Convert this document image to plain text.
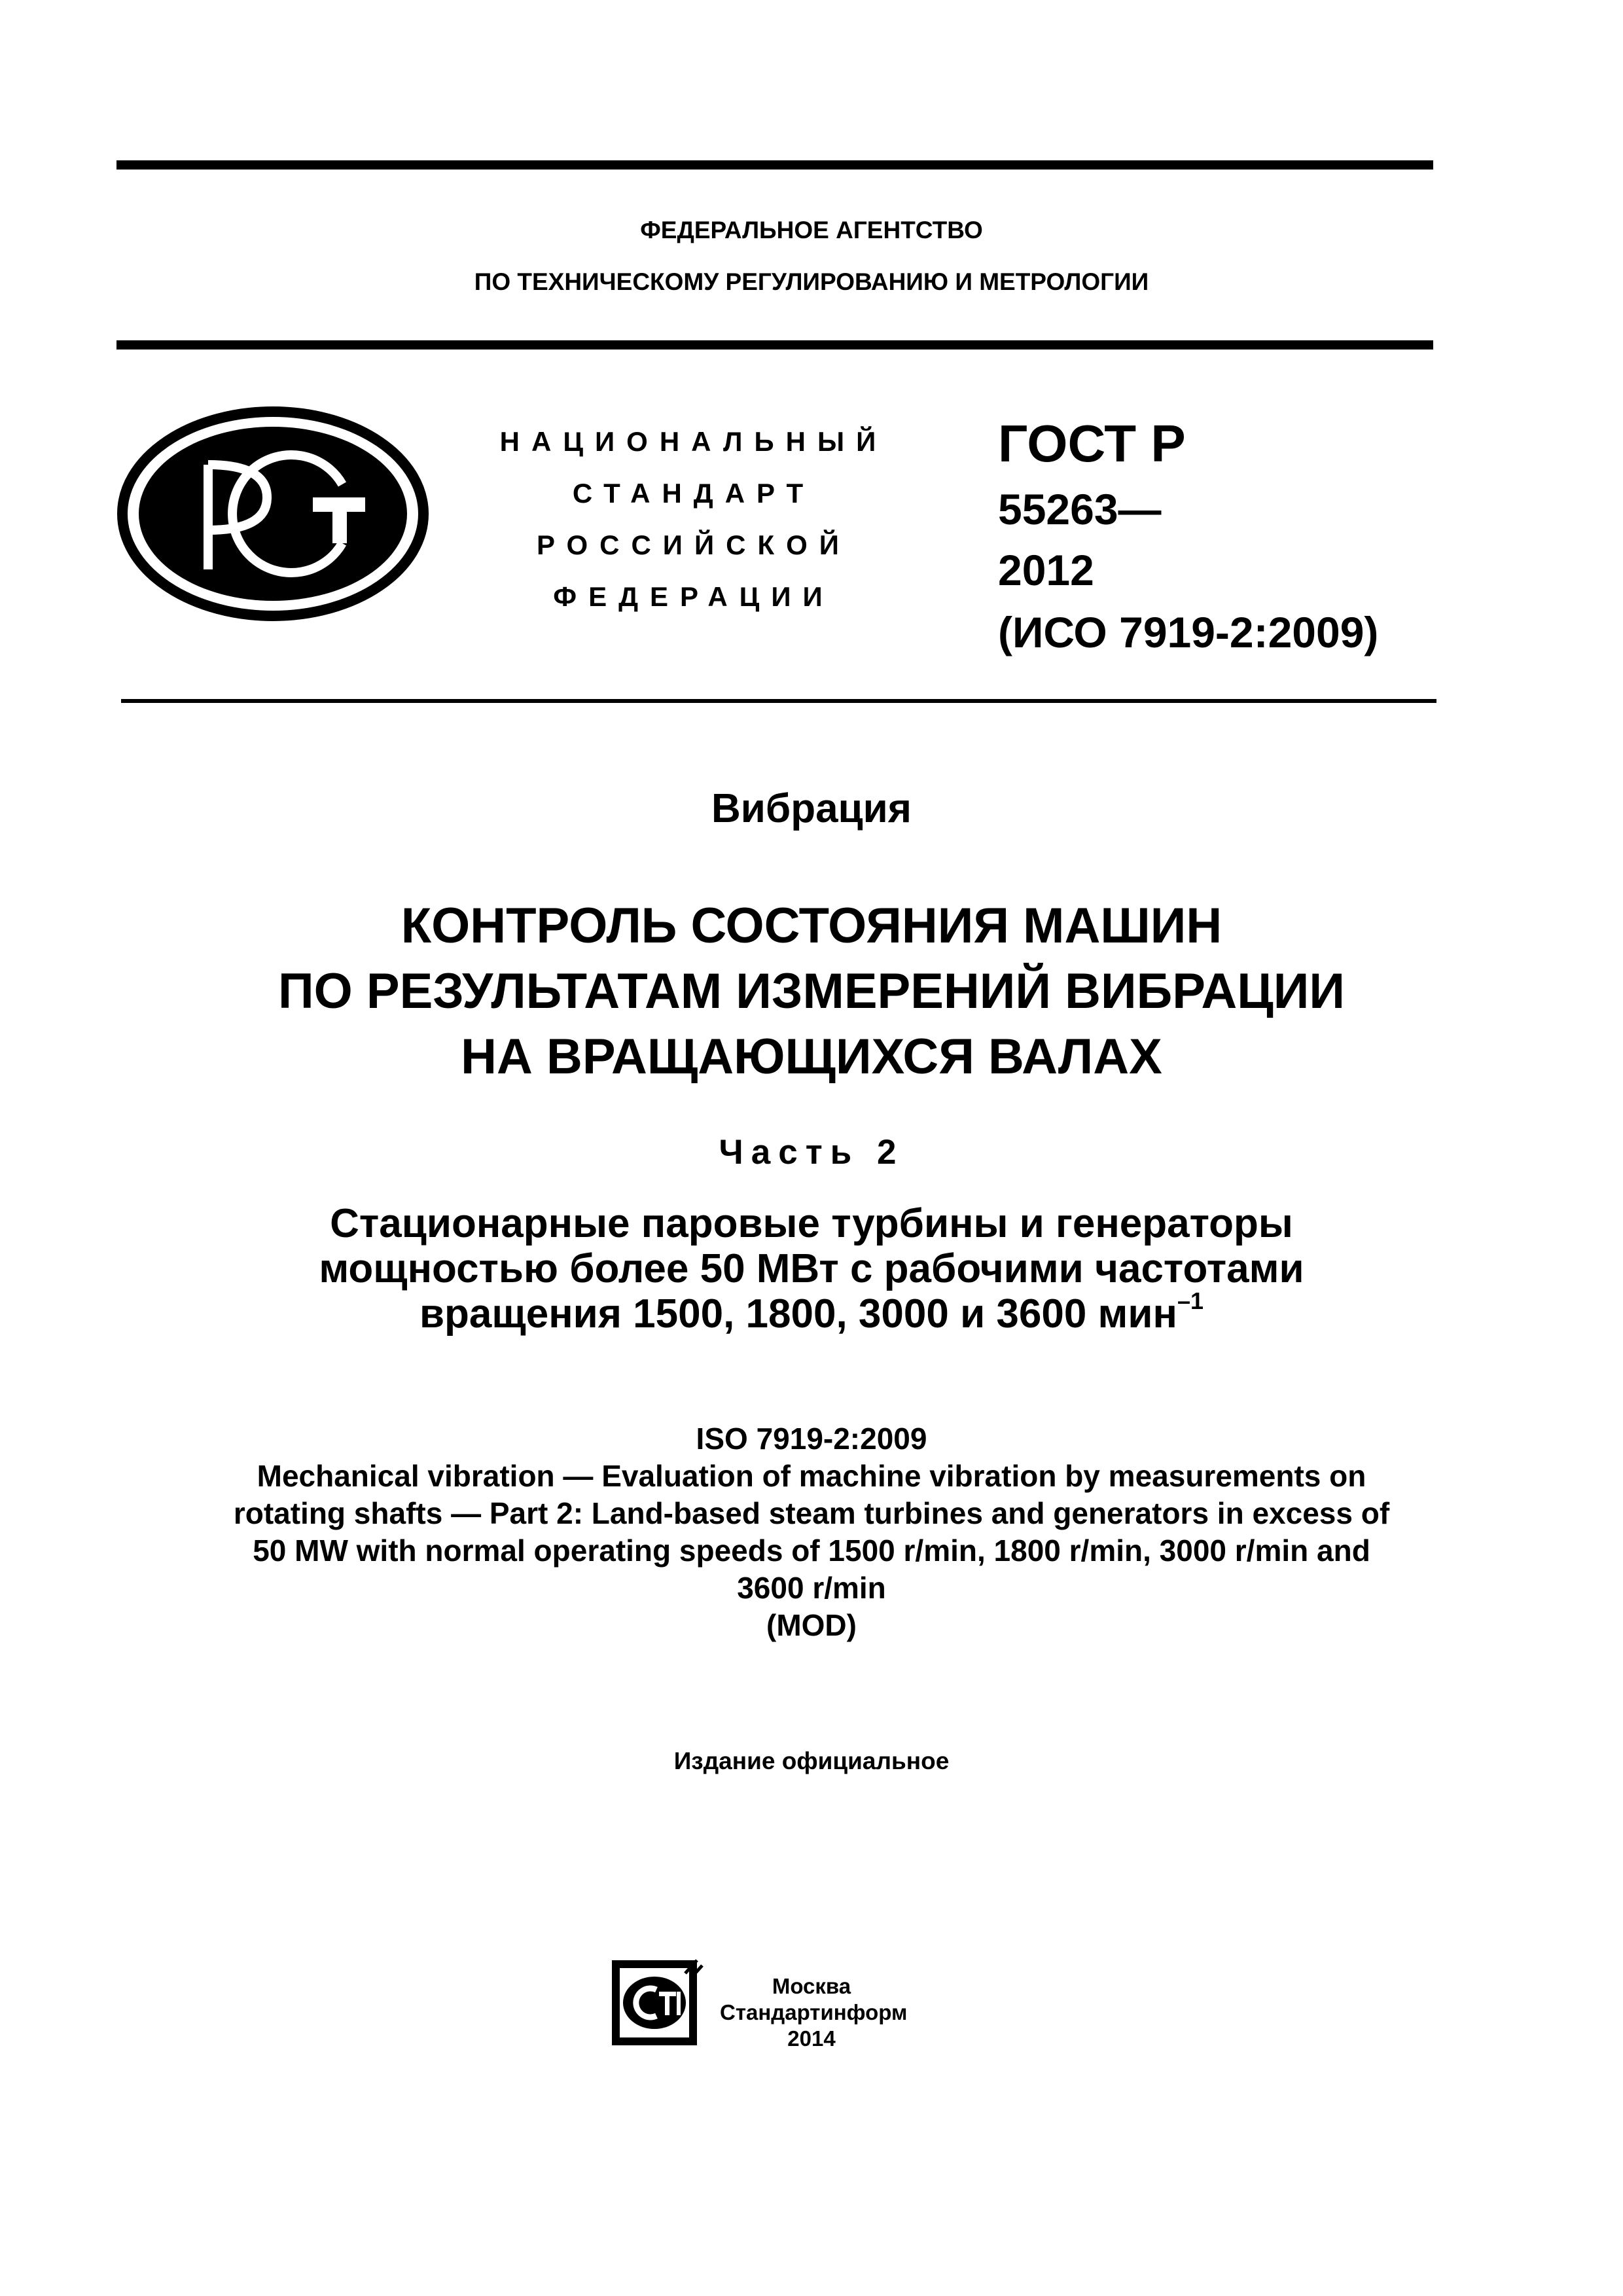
ФЕДЕРАЛЬНОЕ АГЕНТСТВО
ПО ТЕХНИЧЕСКОМУ РЕГУЛИРОВАНИЮ И МЕТРОЛОГИИ
НАЦИОНАЛЬНЫЙ
СТАНДАРТ
РОССИЙСКОЙ
ФЕДЕРАЦИИ
ГОСТ Р
55263—
2012
(ИСО 7919-2:2009)
Вибрация
КОНТРОЛЬ СОСТОЯНИЯ МАШИН
ПО РЕЗУЛЬТАТАМ ИЗМЕРЕНИЙ ВИБРАЦИИ
НА ВРАЩАЮЩИХСЯ ВАЛАХ
Часть 2
Стационарные паровые турбины и генераторы
мощностью более 50 МВт с рабочими частотами
вращения 1500, 1800, 3000 и 3600 мин$^{-1}$
ISO 7919-2:2009
Mechanical vibration — Evaluation of machine vibration by measurements on
rotating shafts — Part 2: Land-based steam turbines and generators in excess of
50 MW with normal operating speeds of 1500 r/min, 1800 r/min, 3000 r/min and
3600 r/min
(MOD)
Издание официальное
Москва
Стандартинформ
2014
